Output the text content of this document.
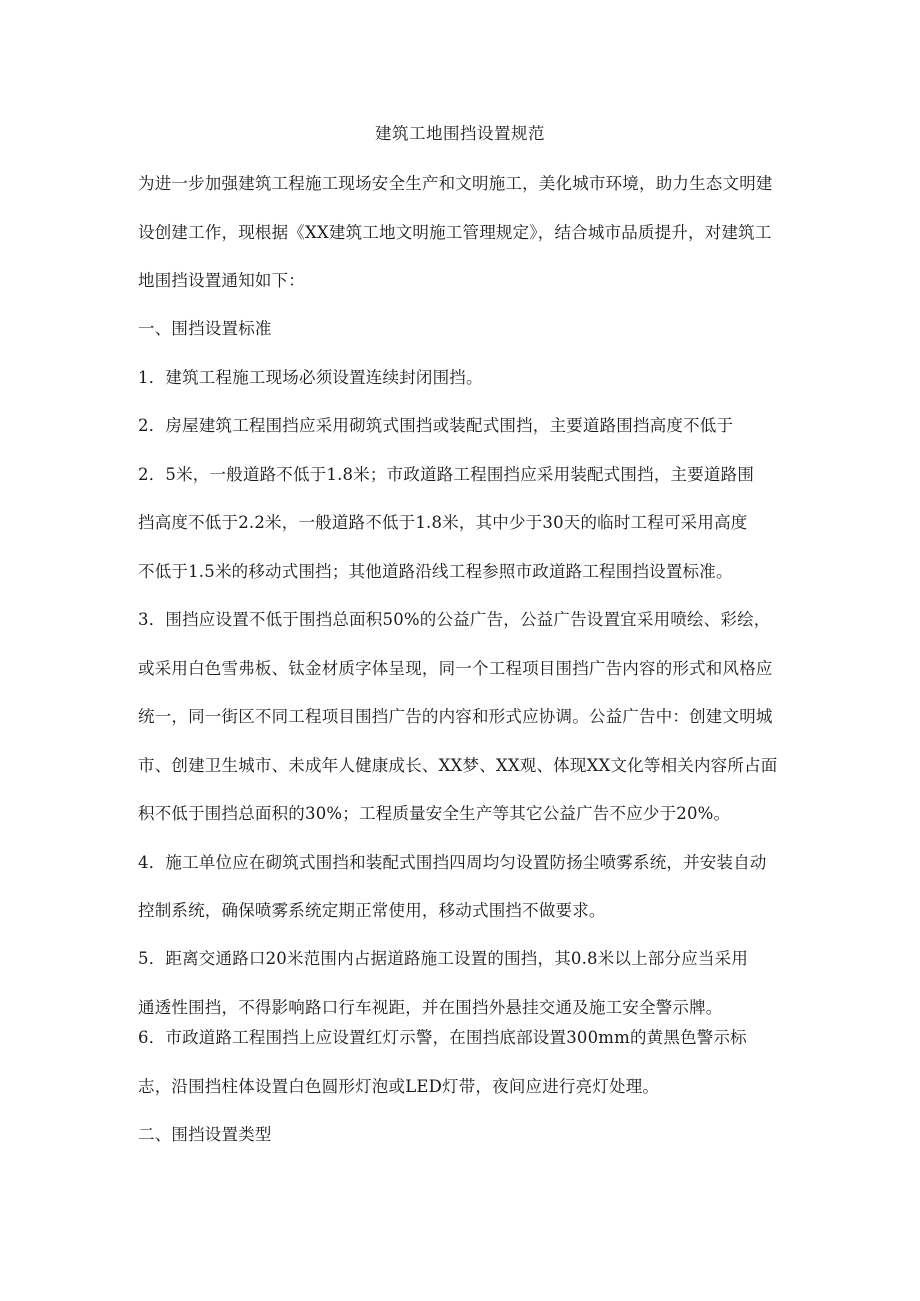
建筑工地围挡设置规范

为进一步加强建筑工程施工现场安全生产和文明施工，美化城市环境，助力生态文明建

设创建工作，现根据《XX建筑工地文明施工管理规定》，结合城市品质提升，对建筑工

地围挡设置通知如下：

一、围挡设置标准

1．建筑工程施工现场必须设置连续封闭围挡。

2．房屋建筑工程围挡应采用砌筑式围挡或装配式围挡，主要道路围挡高度不低于

2．5米，一般道路不低于1.8米；市政道路工程围挡应采用装配式围挡，主要道路围

挡高度不低于2.2米，一般道路不低于1.8米，其中少于30天的临时工程可采用高度

不低于1.5米的移动式围挡；其他道路沿线工程参照市政道路工程围挡设置标准。

3．围挡应设置不低于围挡总面积50%的公益广告，公益广告设置宜采用喷绘、彩绘，

或采用白色雪弗板、钛金材质字体呈现，同一个工程项目围挡广告内容的形式和风格应

统一，同一街区不同工程项目围挡广告的内容和形式应协调。公益广告中：创建文明城

市、创建卫生城市、未成年人健康成长、XX梦、XX观、体现XX文化等相关内容所占面

积不低于围挡总面积的30%；工程质量安全生产等其它公益广告不应少于20%。

4．施工单位应在砌筑式围挡和装配式围挡四周均匀设置防扬尘喷雾系统，并安装自动

控制系统，确保喷雾系统定期正常使用，移动式围挡不做要求。

5．距离交通路口20米范围内占据道路施工设置的围挡，其0.8米以上部分应当采用

通透性围挡，不得影响路口行车视距，并在围挡外悬挂交通及施工安全警示牌。

6．市政道路工程围挡上应设置红灯示警，在围挡底部设置300mm的黄黑色警示标

志，沿围挡柱体设置白色圆形灯泡或LED灯带，夜间应进行亮灯处理。

二、围挡设置类型
